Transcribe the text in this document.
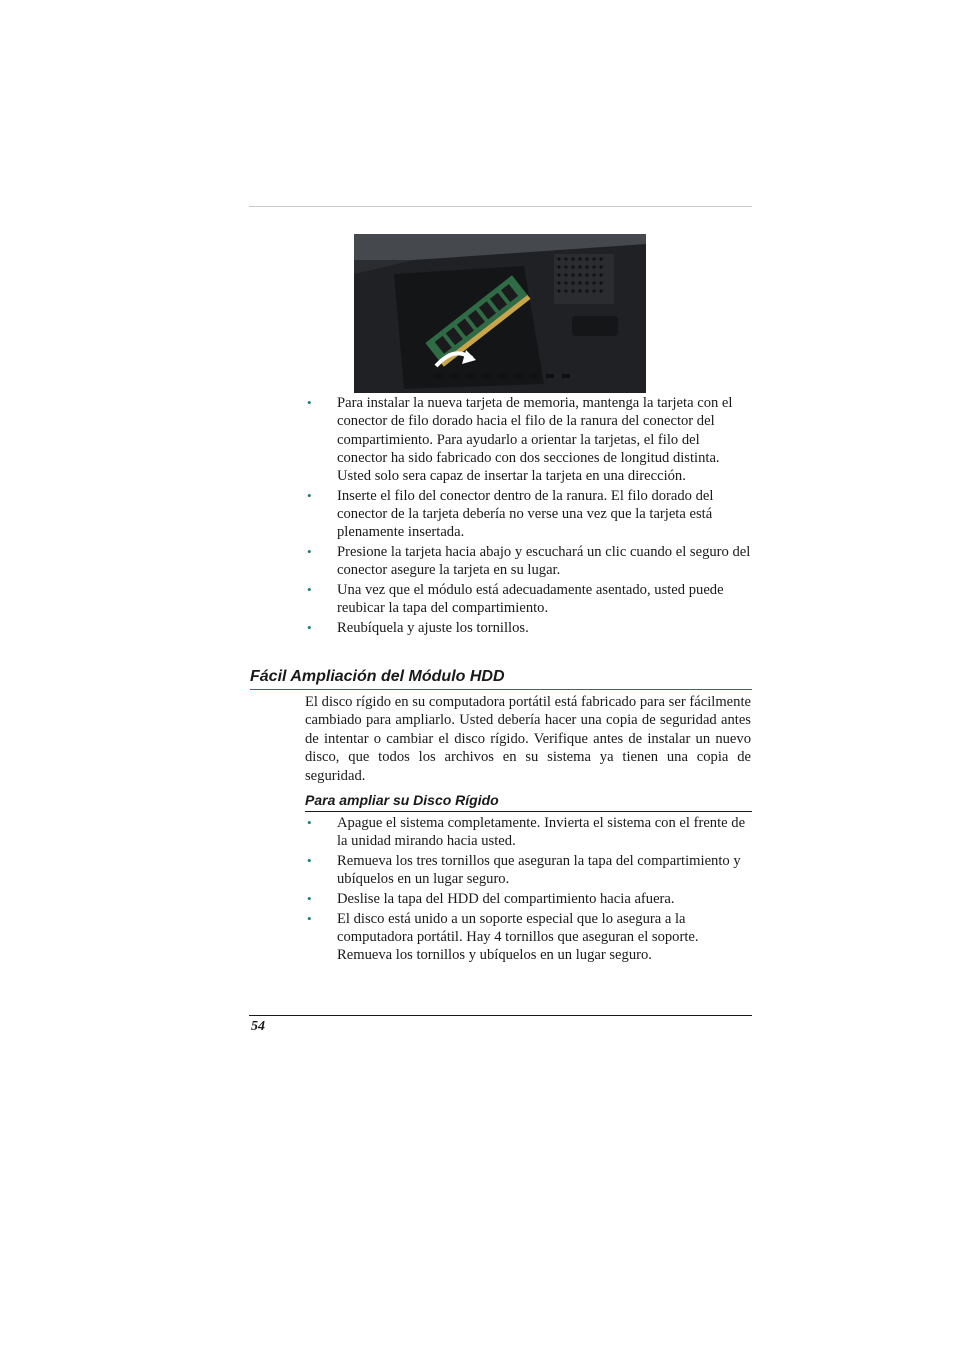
• Para instalar la nueva tarjeta de memoria, mantenga la tarjeta con el conector de filo dorado hacia el filo de la ranura del conector del compartimiento. Para ayudarlo a orientar la tarjetas, el filo del conector ha sido fabricado con dos secciones de longitud distinta. Usted solo sera capaz de insertar la tarjeta en una dirección.
• Inserte el filo del conector dentro de la ranura. El filo dorado del conector de la tarjeta debería no verse una vez que la tarjeta está plenamente insertada.
• Presione la tarjeta hacia abajo y escuchará un clic cuando el seguro del conector asegure la tarjeta en su lugar.
• Una vez que el módulo está adecuadamente asentado, usted puede reubicar la tapa del compartimiento.
• Reubíquela y ajuste los tornillos.
Fácil Ampliación del Módulo HDD

El disco rígido en su computadora portátil está fabricado para ser fácilmente cambiado para ampliarlo. Usted debería hacer una copia de seguridad antes de intentar o cambiar el disco rígido. Verifique antes de instalar un nuevo disco, que todos los archivos en su sistema ya tienen una copia de seguridad.

Para ampliar su Disco Rígido
• Apague el sistema completamente. Invierta el sistema con el frente de la unidad mirando hacia usted.
• Remueva los tres tornillos que aseguran la tapa del compartimiento y ubíquelos en un lugar seguro.
• Deslise la tapa del HDD del compartimiento hacia afuera.
• El disco está unido a un soporte especial que lo asegura a la computadora portátil. Hay 4 tornillos que aseguran el soporte. Remueva los tornillos y ubíquelos en un lugar seguro.
54
